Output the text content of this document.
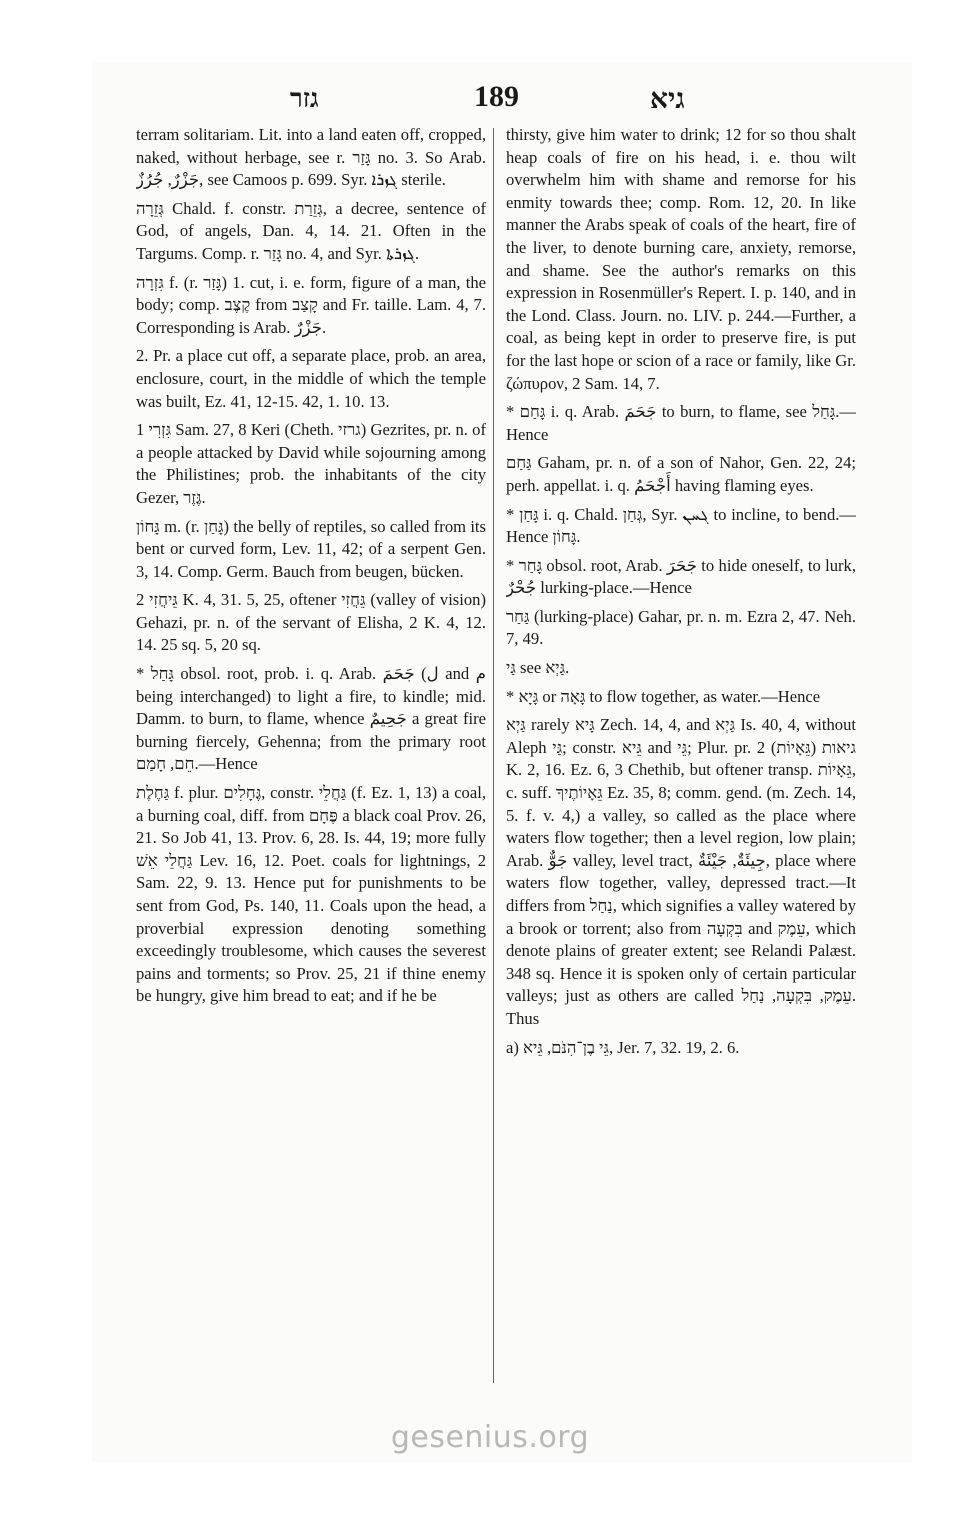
גזר	189	גיא

terram solitariam. Lit. into a land eaten off, cropped, naked, without herbage, see r. גָּזַר no. 3. So Arab. جَزْرٌ, جُرُزٌ, see Camoos p. 699. Syr. ܓܙܪܐ sterile.

גְּזֵרָה Chald. f. constr. גְּזֵרַת, a decree, sentence of God, of angels, Dan. 4, 14. 21. Often in the Targums. Comp. r. גָּזַר no. 4, and Syr. ܓܙܪܬܐ.

גִּזְרָה f. (r. גָּזַר) 1. cut, i. e. form, figure of a man, the body; comp. קֶצֶב from קָצַב and Fr. taille. Lam. 4, 7. Corresponding is Arab. جَزْرٌ.

2. Pr. a place cut off, a separate place, prob. an area, enclosure, court, in the middle of which the temple was built, Ez. 41, 12-15. 42, 1. 10. 13.

גִּזְרִי 1 Sam. 27, 8 Keri (Cheth. גרזי) Gezrites, pr. n. of a people attacked by David while sojourning among the Philistines; prob. the inhabitants of the city Gezer, גֶּזֶר.

גָּחוֹן m. (r. גָּחַן) the belly of reptiles, so called from its bent or curved form, Lev. 11, 42; of a serpent Gen. 3, 14. Comp. Germ. Bauch from beugen, bücken.

גֵּיחֲזִי 2 K. 4, 31. 5, 25, oftener גֵּחֲזִי (valley of vision) Gehazi, pr. n. of the servant of Elisha, 2 K. 4, 12. 14. 25 sq. 5, 20 sq.

* גָּחַל obsol. root, prob. i. q. Arab. جَحَمَ (ل and م being interchanged) to light a fire, to kindle; mid. Damm. to burn, to flame, whence جَحِيمٌ a great fire burning fiercely, Gehenna; from the primary root חֵם, חָמַם.—Hence

גַּחֶלֶת f. plur. גֶּחָלִים, constr. גַּחֲלֵי (f. Ez. 1, 13) a coal, a burning coal, diff. from פֶּחָם a black coal Prov. 26, 21. So Job 41, 13. Prov. 6, 28. Is. 44, 19; more fully גַּחֲלֵי אֵשׁ Lev. 16, 12. Poet. coals for lightnings, 2 Sam. 22, 9. 13. Hence put for punishments to be sent from God, Ps. 140, 11. Coals upon the head, a proverbial expression denoting something exceedingly troublesome, which causes the severest pains and torments; so Prov. 25, 21 if thine enemy be hungry, give him bread to eat; and if he be

thirsty, give him water to drink; 12 for so thou shalt heap coals of fire on his head, i. e. thou wilt overwhelm him with shame and remorse for his enmity towards thee; comp. Rom. 12, 20. In like manner the Arabs speak of coals of the heart, fire of the liver, to denote burning care, anxiety, remorse, and shame. See the author's remarks on this expression in Rosenmüller's Repert. I. p. 140, and in the Lond. Class. Journ. no. LIV. p. 244.—Further, a coal, as being kept in order to preserve fire, is put for the last hope or scion of a race or family, like Gr. ζώπυρον, 2 Sam. 14, 7.

* גָּחַם i. q. Arab. جَحَمَ to burn, to flame, see גָּחַל.—Hence

גַּחַם Gaham, pr. n. of a son of Nahor, Gen. 22, 24; perh. appellat. i. q. أَجْحَمُ having flaming eyes.

* גָּחַן i. q. Chald. גְּחַן, Syr. ܓܚܢ to incline, to bend.—Hence גָּחוֹן.

* גָּחַר obsol. root, Arab. جَحَرَ to hide oneself, to lurk, جُحْرٌ lurking-place.—Hence

גַּחַר (lurking-place) Gahar, pr. n. m. Ezra 2, 47. Neh. 7, 49.

גַּי see גַּיְא.

* גָּיָא or גָּאָה to flow together, as water.—Hence

גַּיְא rarely גָּיא Zech. 14, 4, and גַּיְא Is. 40, 4, without Aleph גַּי; constr. גֵּיא and גֵּי; Plur. pr. גיאות (גֵּאָיוֹת) 2 K. 2, 16. Ez. 6, 3 Chethib, but oftener transp. גֵּאָיוֹת, c. suff. גֵּאָיוֹתֶיךָ Ez. 35, 8; comm. gend. (m. Zech. 14, 5. f. v. 4,) a valley, so called as the place where waters flow together; then a level region, low plain; Arab. جَوٌّ valley, level tract, جِيئَةٌ, جَيْئَةٌ, place where waters flow together, valley, depressed tract.—It differs from נַחַל, which signifies a valley watered by a brook or torrent; also from בִּקְעָה and עֵמֶק, which denote plains of greater extent; see Relandi Palæst. 348 sq. Hence it is spoken only of certain particular valleys; just as others are called עֵמֶק, בִּקְעָה, נַחַל. Thus

a) גֵּי בֶן־הִנֹּם, גֵּיא, Jer. 7, 32. 19, 2. 6.

gesenius.org
